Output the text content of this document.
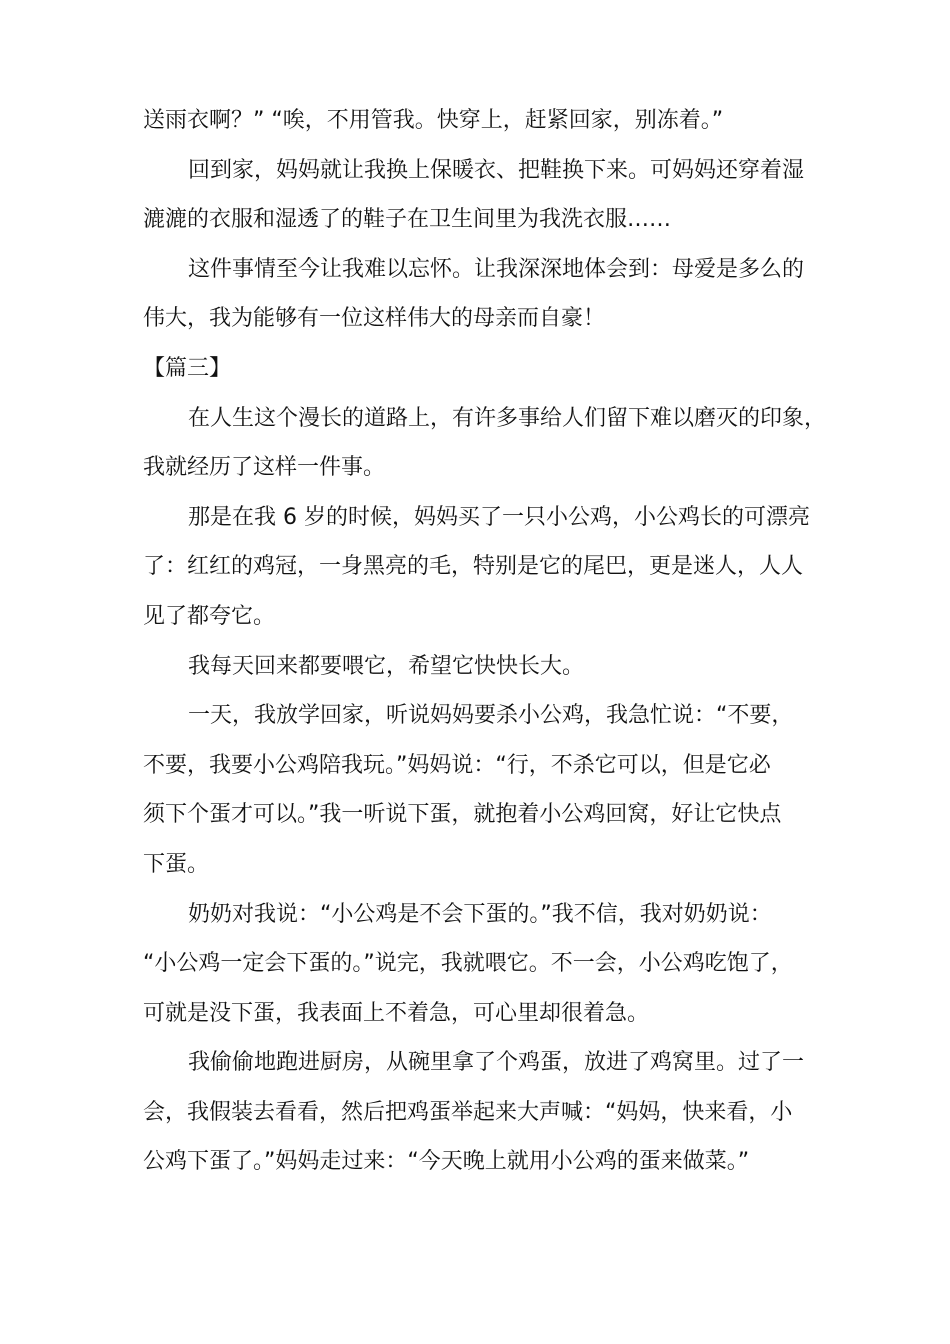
送雨衣啊？” “唉，不用管我。快穿上，赶紧回家，别冻着。”
回到家，妈妈就让我换上保暖衣、把鞋换下来。可妈妈还穿着湿
漉漉的衣服和湿透了的鞋子在卫生间里为我洗衣服……
这件事情至今让我难以忘怀。让我深深地体会到：母爱是多么的
伟大，我为能够有一位这样伟大的母亲而自豪！
【篇三】
在人生这个漫长的道路上，有许多事给人们留下难以磨灭的印象，
我就经历了这样一件事。
那是在我 6 岁的时候，妈妈买了一只小公鸡，小公鸡长的可漂亮
了：红红的鸡冠，一身黑亮的毛，特别是它的尾巴，更是迷人，人人
见了都夸它。
我每天回来都要喂它，希望它快快长大。
一天，我放学回家，听说妈妈要杀小公鸡，我急忙说：“不要，
不要，我要小公鸡陪我玩。”妈妈说：“行，不杀它可以，但是它必
须下个蛋才可以。”我一听说下蛋，就抱着小公鸡回窝，好让它快点
下蛋。
奶奶对我说：“小公鸡是不会下蛋的。”我不信，我对奶奶说：
“小公鸡一定会下蛋的。”说完，我就喂它。不一会，小公鸡吃饱了，
可就是没下蛋，我表面上不着急，可心里却很着急。
我偷偷地跑进厨房，从碗里拿了个鸡蛋，放进了鸡窝里。过了一
会，我假装去看看，然后把鸡蛋举起来大声喊：“妈妈，快来看，小
公鸡下蛋了。”妈妈走过来：“今天晚上就用小公鸡的蛋来做菜。”
